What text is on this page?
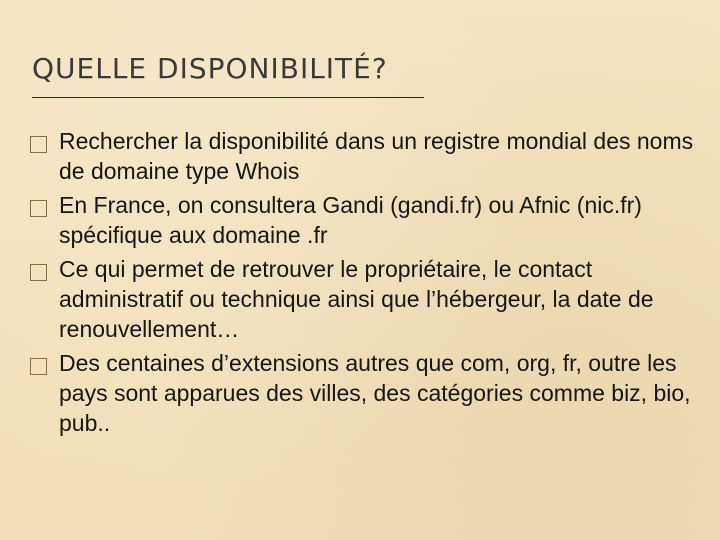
QUELLE DISPONIBILITÉ?
Rechercher la disponibilité dans un registre mondial des noms de domaine type Whois
En France, on consultera Gandi (gandi.fr) ou Afnic (nic.fr) spécifique aux domaine .fr
Ce qui permet de retrouver le propriétaire, le contact administratif ou technique ainsi que l’hébergeur, la date de renouvellement…
Des centaines d’extensions autres que com, org, fr, outre les pays sont apparues des villes, des catégories comme biz, bio, pub..
